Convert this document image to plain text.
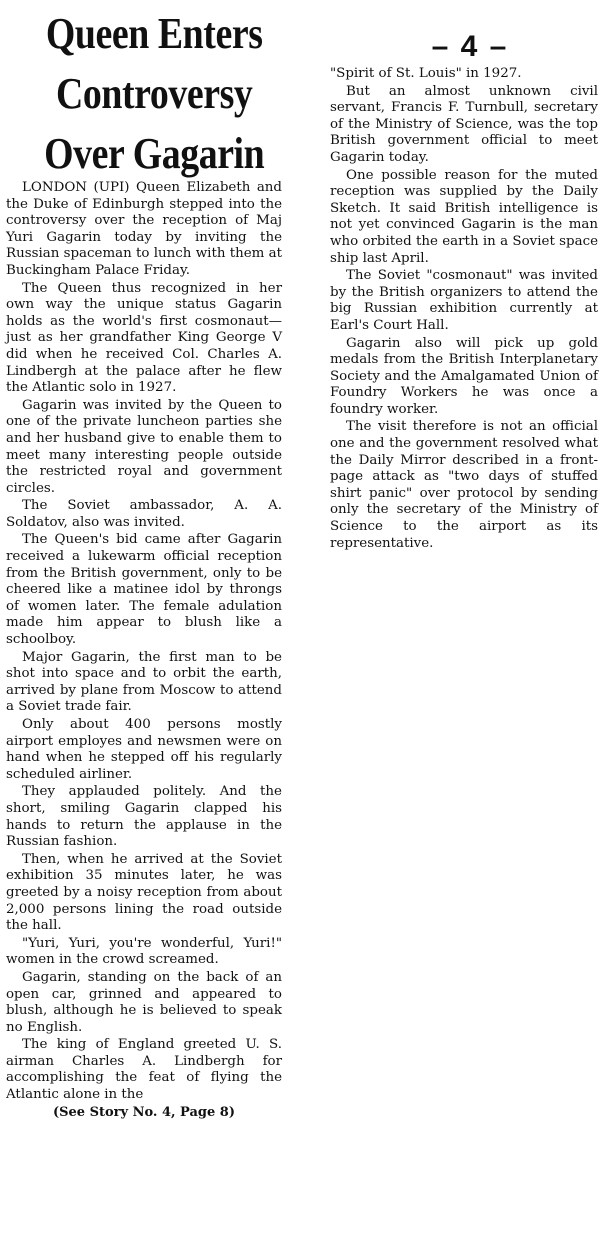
Queen Enters
Controversy
Over Gagarin
– 4 –

LONDON (UPI) Queen Elizabeth and the Duke of Edinburgh stepped into the controversy over the reception of Maj Yuri Gagarin today by inviting the Russian spaceman to lunch with them at Buckingham Palace Friday.

The Queen thus recognized in her own way the unique status Gagarin holds as the world's first cosmonaut—just as her grandfather King George V did when he received Col. Charles A. Lindbergh at the palace after he flew the Atlantic solo in 1927.

Gagarin was invited by the Queen to one of the private luncheon parties she and her husband give to enable them to meet many interesting people outside the restricted royal and government circles.

The Soviet ambassador, A. A. Soldatov, also was invited.

The Queen's bid came after Gagarin received a lukewarm official reception from the British government, only to be cheered like a matinee idol by throngs of women later. The female adulation made him appear to blush like a schoolboy.

Major Gagarin, the first man to be shot into space and to orbit the earth, arrived by plane from Moscow to attend a Soviet trade fair.

Only about 400 persons mostly airport employes and newsmen were on hand when he stepped off his regularly scheduled airliner.

They applauded politely. And the short, smiling Gagarin clapped his hands to return the applause in the Russian fashion.

Then, when he arrived at the Soviet exhibition 35 minutes later, he was greeted by a noisy reception from about 2,000 persons lining the road outside the hall.

"Yuri, Yuri, you're wonderful, Yuri!" women in the crowd screamed.

Gagarin, standing on the back of an open car, grinned and appeared to blush, although he is believed to speak no English.

The king of England greeted U. S. airman Charles A. Lindbergh for accomplishing the feat of flying the Atlantic alone in the

(See Story No. 4, Page 8)

"Spirit of St. Louis" in 1927.

But an almost unknown civil servant, Francis F. Turnbull, secretary of the Ministry of Science, was the top British government official to meet Gagarin today.

One possible reason for the muted reception was supplied by the Daily Sketch. It said British intelligence is not yet convinced Gagarin is the man who orbited the earth in a Soviet space ship last April.

The Soviet "cosmonaut" was invited by the British organizers to attend the big Russian exhibition currently at Earl's Court Hall.

Gagarin also will pick up gold medals from the British Interplanetary Society and the Amalgamated Union of Foundry Workers he was once a foundry worker.

The visit therefore is not an official one and the government resolved what the Daily Mirror described in a front-page attack as "two days of stuffed shirt panic" over protocol by sending only the secretary of the Ministry of Science to the airport as its representative.
